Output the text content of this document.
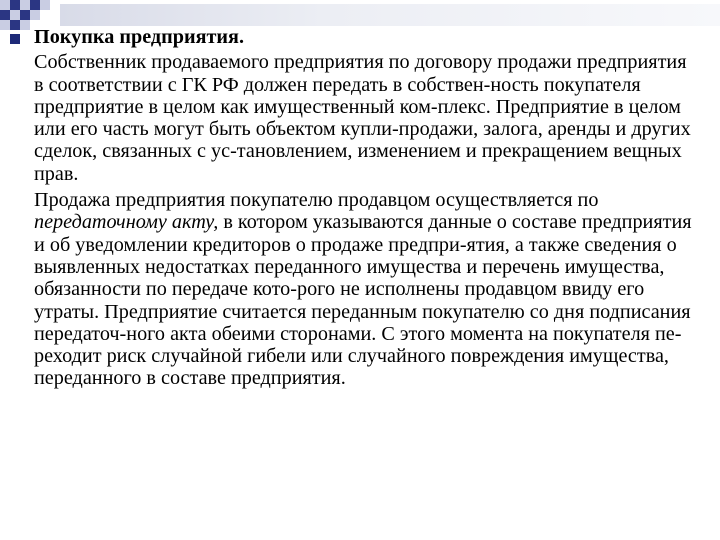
Покупка предприятия.

Собственник продаваемого предприятия по договору продажи предприятия в соответствии с ГК РФ должен передать в собствен-ность покупателя предприятие в целом как имущественный ком-плекс. Предприятие в целом или его часть могут быть объектом купли-продажи, залога, аренды и других сделок, связанных с ус-тановлением, изменением и прекращением вещных прав.

Продажа предприятия покупателю продавцом осуществляется по передаточному акту, в котором указываются данные о составе предприятия и об уведомлении кредиторов о продаже предпри-ятия, а также сведения о выявленных недостатках переданного имущества и перечень имущества, обязанности по передаче кото-рого не исполнены продавцом ввиду его утраты. Предприятие считается переданным покупателю со дня подписания передаточ-ного акта обеими сторонами. С этого момента на покупателя пе-реходит риск случайной гибели или случайного повреждения имущества, переданного в составе предприятия.
